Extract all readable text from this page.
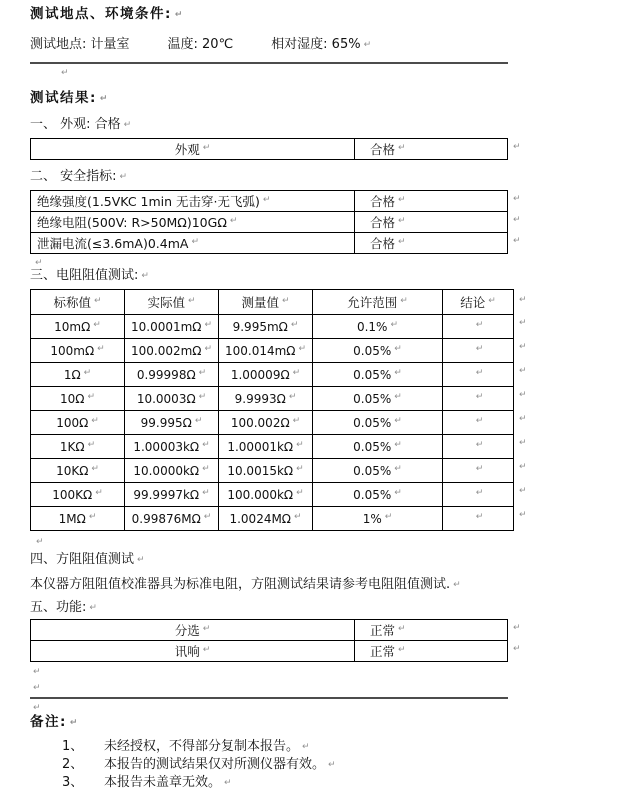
测试地点、环境条件: ↵
测试地点: 计量室	温度: 20℃	相对湿度: 65% ↵
↵
测试结果: ↵
一、 外观: 合格 ↵
外观 ↵	合格 ↵	↵
二、 安全指标: ↵
绝缘强度(1.5VKC 1min 无击穿·无飞弧) ↵	合格 ↵
绝缘电阻(500V: R>50MΩ)10GΩ ↵	合格 ↵
泄漏电流(≤3.6mA)0.4mA ↵	合格 ↵
↵
↵
↵
↵
三、电阻阻值测试: ↵
标称值 ↵	实际值 ↵	测量值 ↵	允许范围 ↵	结论 ↵
10mΩ ↵	10.0001mΩ ↵ 9.995mΩ ↵	0.1% ↵	↵
100mΩ ↵ 100.002mΩ ↵ 100.014mΩ ↵	0.05% ↵	↵
1Ω ↵	0.99998Ω ↵ 1.00009Ω ↵	0.05% ↵	↵
10Ω ↵	10.0003Ω ↵ 9.9993Ω ↵	0.05% ↵	↵
100Ω ↵	99.995Ω ↵ 100.002Ω ↵	0.05% ↵	↵
1KΩ ↵	1.00003kΩ ↵ 1.00001kΩ ↵	0.05% ↵	↵
10KΩ ↵	10.0000kΩ ↵ 10.0015kΩ ↵	0.05% ↵	↵
100KΩ ↵	99.9997kΩ ↵ 100.000kΩ ↵	0.05% ↵	↵
1MΩ ↵	0.99876MΩ ↵ 1.0024MΩ ↵	1% ↵	↵
↵
↵
↵
↵
↵
↵
↵
↵
↵
↵
↵
四、方阻阻值测试 ↵
本仪器方阻阻值校准器具为标准电阻，方阻测试结果请参考电阻阻值测试. ↵
五、功能: ↵
分选 ↵	正常 ↵
讯响 ↵	正常 ↵
↵
↵
↵
↵
↵
备注: ↵
1、	未经授权，不得部分复制本报告。 ↵
2、	本报告的测试结果仅对所测仪器有效。 ↵
3、	本报告未盖章无效。 ↵
